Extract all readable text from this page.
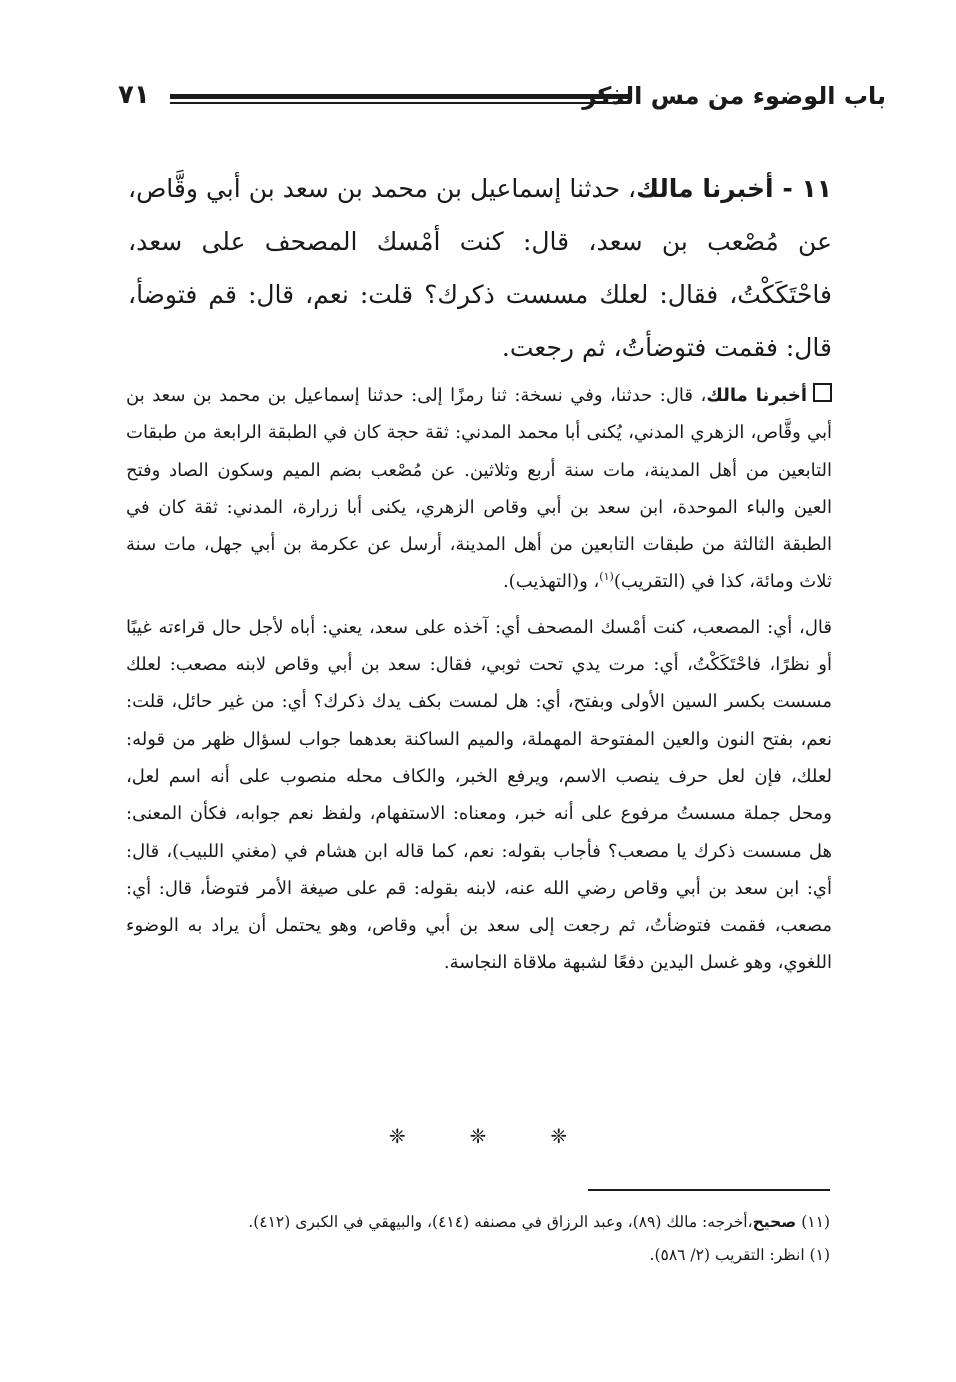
باب الوضوء من مس الذكر
٧١

١١ - أخبرنا مالك، حدثنا إسماعيل بن محمد بن سعد بن أبي وقَّاص، عن مُصْعب بن سعد، قال: كنت أمْسك المصحف على سعد، فاحْتَكَكْتُ، فقال: لعلك مسست ذكرك؟ قلت: نعم، قال: قم فتوضأ، قال: فقمت فتوضأتُ، ثم رجعت.

أخبرنا مالك، قال: حدثنا، وفي نسخة: ثنا رمزًا إلى: حدثنا إسماعيل بن محمد بن سعد بن أبي وقَّاص، الزهري المدني، يُكنى أبا محمد المدني: ثقة حجة كان في الطبقة الرابعة من طبقات التابعين من أهل المدينة، مات سنة أربع وثلاثين. عن مُصْعب بضم الميم وسكون الصاد وفتح العين والباء الموحدة، ابن سعد بن أبي وقاص الزهري، يكنى أبا زرارة، المدني: ثقة كان في الطبقة الثالثة من طبقات التابعين من أهل المدينة، أرسل عن عكرمة بن أبي جهل، مات سنة ثلاث ومائة، كذا في (التقريب)$^{(١)}$، و(التهذيب).

قال، أي: المصعب، كنت أمْسك المصحف أي: آخذه على سعد، يعني: أباه لأجل حال قراءته غيبًا أو نظرًا، فاحْتَكَكْتُ، أي: مرت يدي تحت ثوبي، فقال: سعد بن أبي وقاص لابنه مصعب: لعلك مسست بكسر السين الأولى وبفتح، أي: هل لمست بكف يدك ذكرك؟ أي: من غير حائل، قلت: نعم، بفتح النون والعين المفتوحة المهملة، والميم الساكنة بعدهما جواب لسؤال ظهر من قوله: لعلك، فإن لعل حرف ينصب الاسم، ويرفع الخبر، والكاف محله منصوب على أنه اسم لعل، ومحل جملة مسستُ مرفوع على أنه خبر، ومعناه: الاستفهام، ولفظ نعم جوابه، فكأن المعنى: هل مسست ذكرك يا مصعب؟ فأجاب بقوله: نعم، كما قاله ابن هشام في (مغني اللبيب)، قال: أي: ابن سعد بن أبي وقاص رضي الله عنه، لابنه بقوله: قم على صيغة الأمر فتوضأ، قال: أي: مصعب، فقمت فتوضأتُ، ثم رجعت إلى سعد بن أبي وقاص، وهو يحتمل أن يراد به الوضوء اللغوي، وهو غسل اليدين دفعًا لشبهة ملاقاة النجاسة.

❈❈❈

(١١) صحيح،أخرجه: مالك (٨٩)، وعبد الرزاق في مصنفه (٤١٤)، والبيهقي في الكبرى (٤١٢).

(١) انظر: التقريب (٢/ ٥٨٦).
